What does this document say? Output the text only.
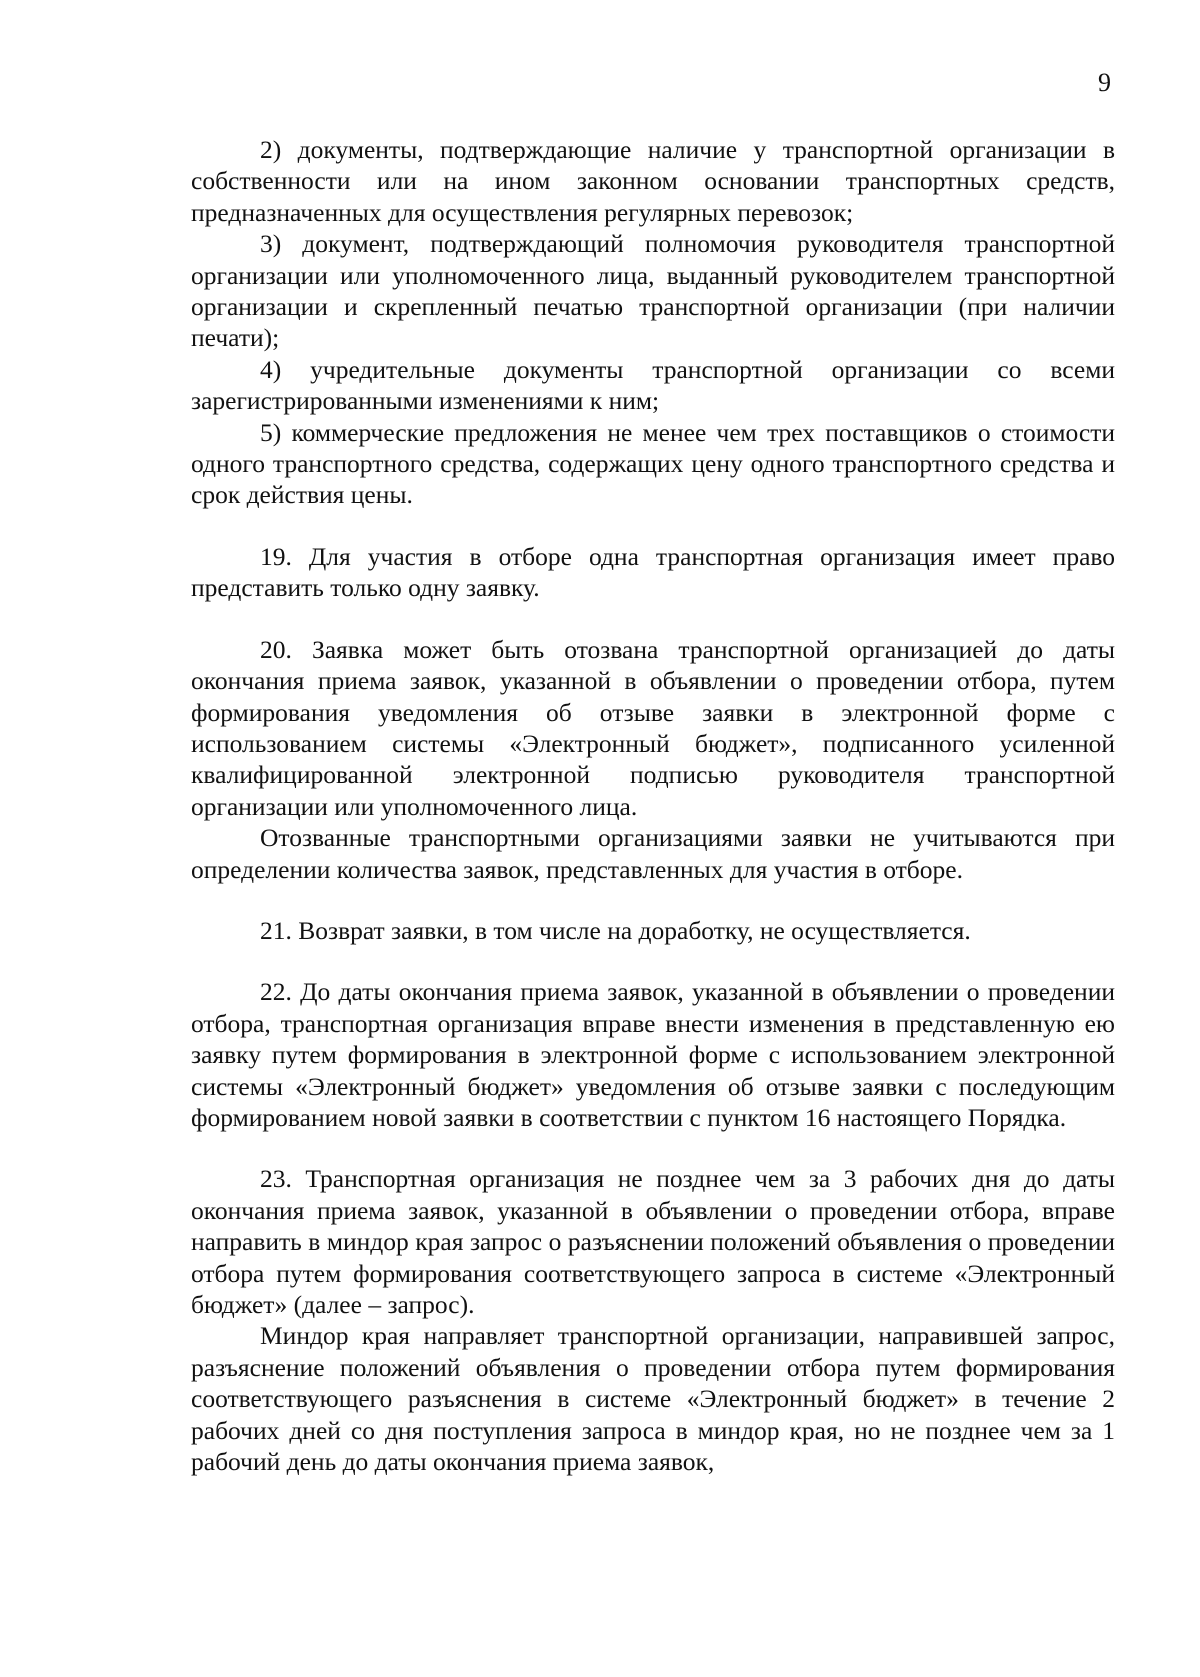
9

2) документы, подтверждающие наличие у транспортной организации в собственности или на ином законном основании транспортных средств, предназначенных для осуществления регулярных перевозок;

3) документ, подтверждающий полномочия руководителя транспортной организации или уполномоченного лица, выданный руководителем транспортной организации и скрепленный печатью транспортной организации (при наличии печати);

4) учредительные документы транспортной организации со всеми зарегистрированными изменениями к ним;

5) коммерческие предложения не менее чем трех поставщиков о стоимости одного транспортного средства, содержащих цену одного транспортного средства и срок действия цены.

19. Для участия в отборе одна транспортная организация имеет право представить только одну заявку.

20. Заявка может быть отозвана транспортной организацией до даты окончания приема заявок, указанной в объявлении о проведении отбора, путем формирования уведомления об отзыве заявки в электронной форме с использованием системы «Электронный бюджет», подписанного усиленной квалифицированной электронной подписью руководителя транспортной организации или уполномоченного лица.

Отозванные транспортными организациями заявки не учитываются при определении количества заявок, представленных для участия в отборе.

21. Возврат заявки, в том числе на доработку, не осуществляется.

22. До даты окончания приема заявок, указанной в объявлении о проведении отбора, транспортная организация вправе внести изменения в представленную ею заявку путем формирования в электронной форме с использованием электронной системы «Электронный бюджет» уведомления об отзыве заявки с последующим формированием новой заявки в соответствии с пунктом 16 настоящего Порядка.

23. Транспортная организация не позднее чем за 3 рабочих дня до даты окончания приема заявок, указанной в объявлении о проведении отбора, вправе направить в миндор края запрос о разъяснении положений объявления о проведении отбора путем формирования соответствующего запроса в системе «Электронный бюджет» (далее – запрос).

Миндор края направляет транспортной организации, направившей запрос, разъяснение положений объявления о проведении отбора путем формирования соответствующего разъяснения в системе «Электронный бюджет» в течение 2 рабочих дней со дня поступления запроса в миндор края, но не позднее чем за 1 рабочий день до даты окончания приема заявок,
